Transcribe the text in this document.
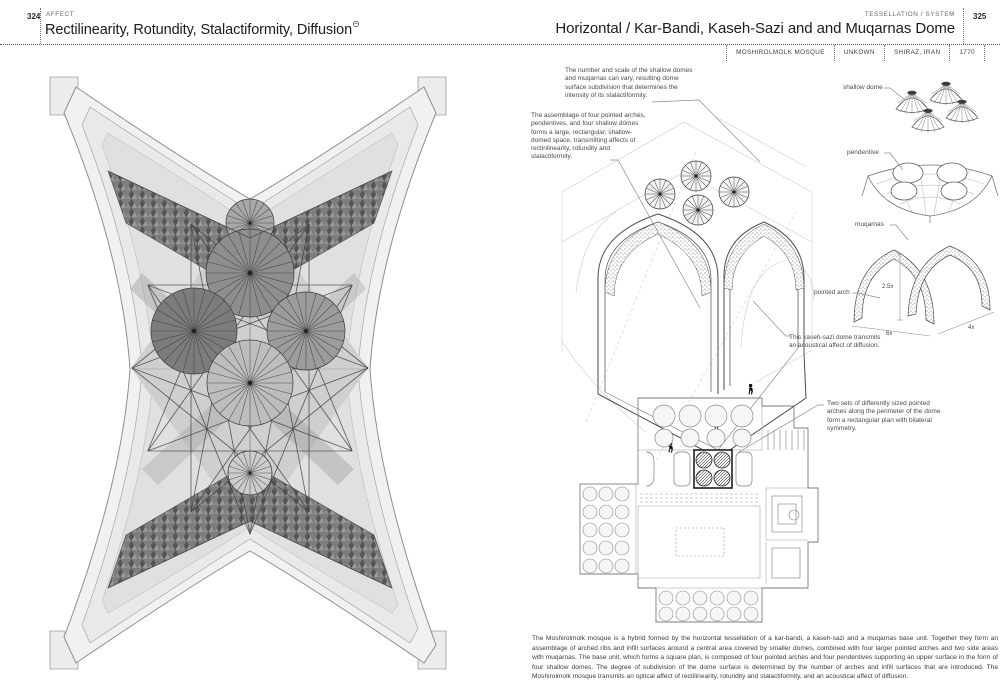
324 AFFECT
Rectilinearity, Rotundity, Stalactiformity, Diffusion
TESSELLATION / SYSTEM 325
Horizontal / Kar-Bandi, Kaseh-Sazi and and Muqarnas Dome
MOSHIROLMOLK MOSQUE	UNKOWN	SHIRAZ, IRAN	1770
The number and scale of the shallow domes and muqarnas can vary, resulting dome surface subdivision that determines the intensity of its stalactiformity.
The assemblage of four pointed arches, pendentives, and four shallow domes forms a large, rectangular, shallow-domed space, transmitting affects of rectinlinearity, rotundity and stalactiformity.
This kaseh-sazi dome transmits an acoustical affect of diffusion.
Two sets of differently sized pointed arches along the perimeter of the dome form a rectangular plan with bilateral symmetry.
shallow dome
pendentive
muqarnas
pointed arch
2.5x
6x
4x
The Moshirolmolk mosque is a hybrid formed by the horizontal tessellation of a kar-bandi, a kaseh-sazi and a muqarnas base unit. Together they form an assemblage of arched ribs and infill surfaces around a central area covered by smaller domes, combined with four larger pointed arches and two side areas with muqarnas. The base unit, which forms a square plan, is composed of four pointed arches and four pendentives supporting an upper surface in the form of four shallow domes. The degree of subdivision of the dome surface is determined by the number of arches and infill surfaces that are introduced. The Moshirolmolk mosque transmits an optical affect of rectilinearity, rotundity and stalactiformity, and an acoustical affect of diffusion.
